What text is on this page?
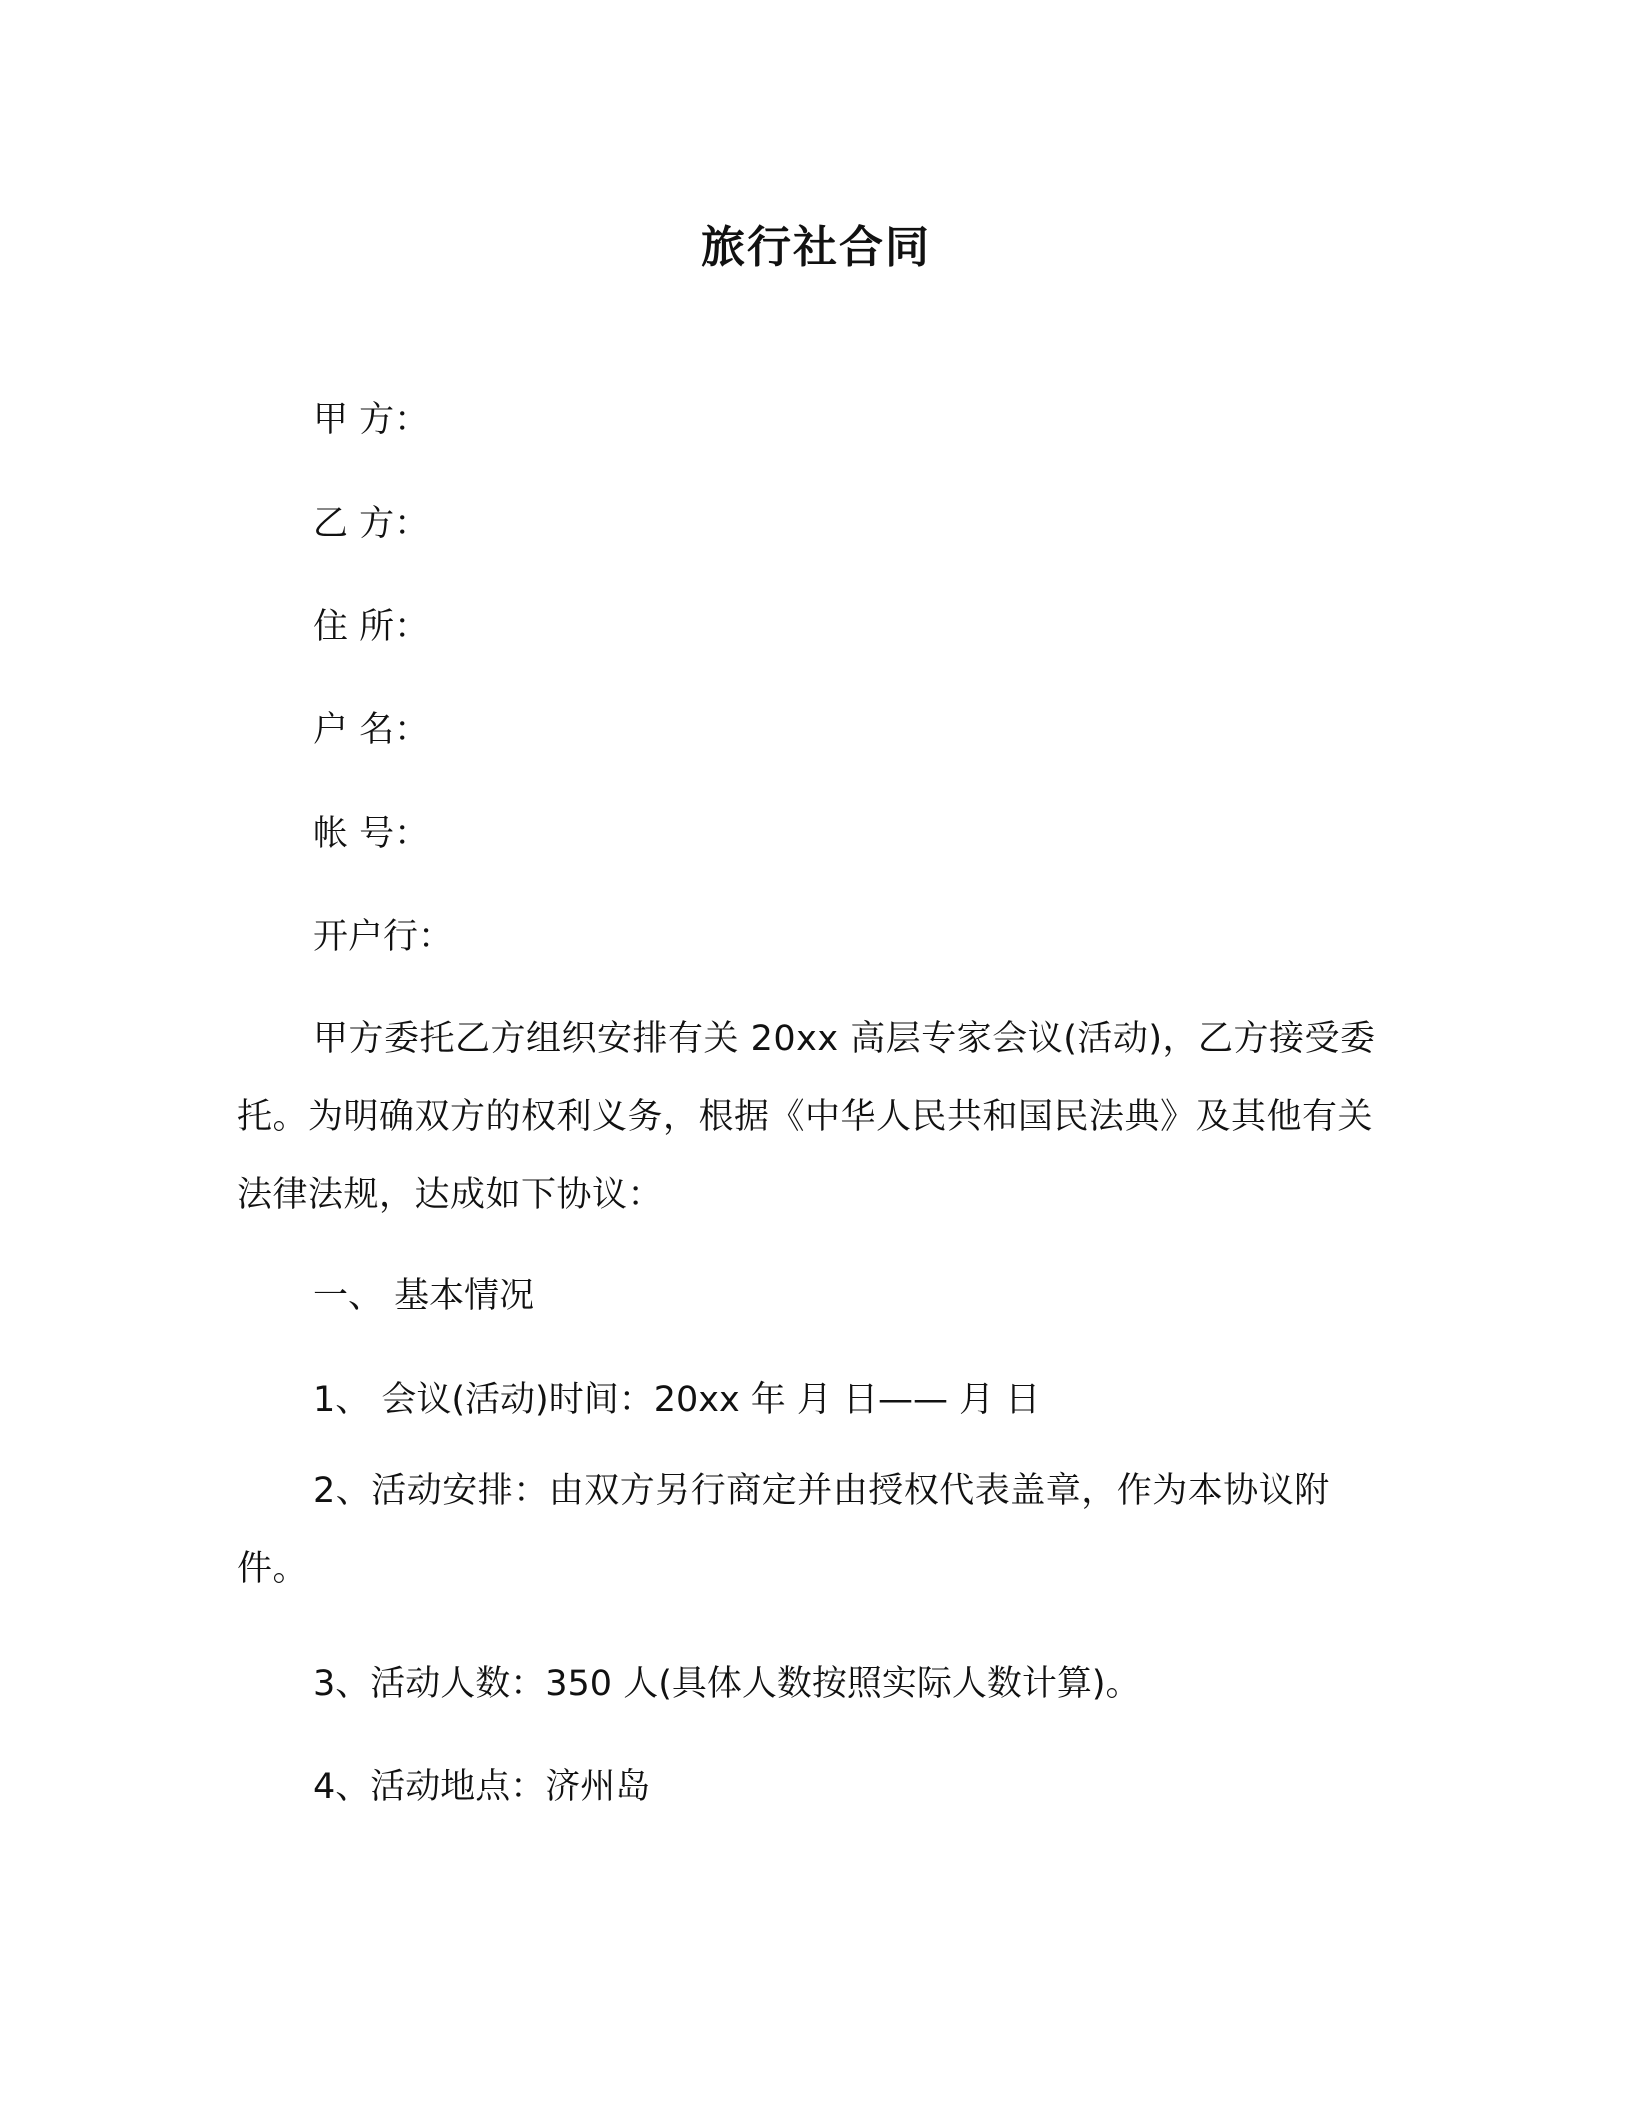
旅行社合同
甲 方：
乙 方：
住 所：
户 名：
帐 号：
开户行：
甲方委托乙方组织安排有关 20xx 高层专家会议(活动)，乙方接受委托。为明确双方的权利义务，根据《中华人民共和国民法典》及其他有关法律法规，达成如下协议：
一、 基本情况
1、 会议(活动)时间：20xx 年 月 日—— 月 日
2、活动安排：由双方另行商定并由授权代表盖章，作为本协议附件。
3、活动人数：350 人(具体人数按照实际人数计算)。
4、活动地点：济州岛
